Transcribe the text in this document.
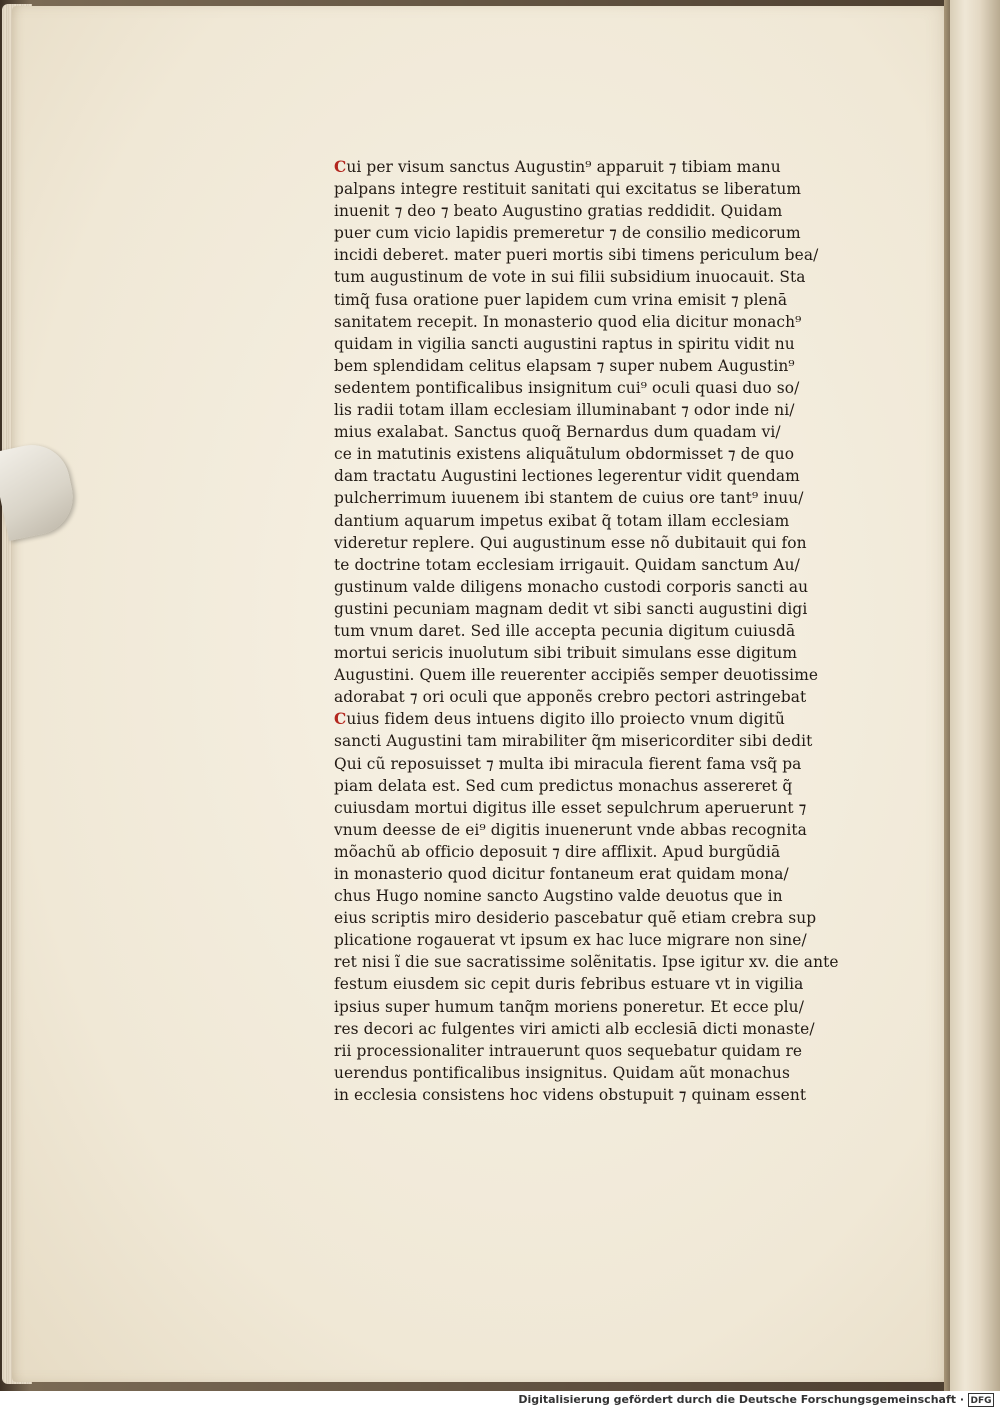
Cui per visum sanctus Augustin⁹ apparuit ⁊ tibiam manu
palpans integre restituit sanitati qui excitatus se liberatum
inuenit ⁊ deo ⁊ beato Augustino gratias reddidit. Quidam
puer cum vicio lapidis premeretur ⁊ de consilio medicorum
incidi deberet. mater pueri mortis sibi timens periculum bea/
tum augustinum de vote in sui filii subsidium inuocauit. Sta
timq̃ fusa oratione puer lapidem cum vrina emisit ⁊ plenā
sanitatem recepit. In monasterio quod elia dicitur monach⁹
quidam in vigilia sancti augustini raptus in spiritu vidit nu
bem splendidam celitus elapsam ⁊ super nubem Augustin⁹
sedentem pontificalibus insignitum cui⁹ oculi quasi duo so/
lis radii totam illam ecclesiam illuminabant ⁊ odor inde ni/
mius exalabat. Sanctus quoq̃ Bernardus dum quadam vi/
ce in matutinis existens aliquãtulum obdormisset ⁊ de quo
dam tractatu Augustini lectiones legerentur vidit quendam
pulcherrimum iuuenem ibi stantem de cuius ore tant⁹ inuu/
dantium aquarum impetus exibat q̃ totam illam ecclesiam
videretur replere. Qui augustinum esse nõ dubitauit qui fon
te doctrine totam ecclesiam irrigauit. Quidam sanctum Au/
gustinum valde diligens monacho custodi corporis sancti au
gustini pecuniam magnam dedit vt sibi sancti augustini digi
tum vnum daret. Sed ille accepta pecunia digitum cuiusdā
mortui sericis inuolutum sibi tribuit simulans esse digitum
Augustini. Quem ille reuerenter accipiẽs semper deuotissime
adorabat ⁊ ori oculi que apponẽs crebro pectori astringebat
Cuius fidem deus intuens digito illo proiecto vnum digitũ
sancti Augustini tam mirabiliter q̃m misericorditer sibi dedit
Qui cũ reposuisset ⁊ multa ibi miracula fierent fama vsq̃ pa
piam delata est. Sed cum predictus monachus assereret q̃
cuiusdam mortui digitus ille esset sepulchrum aperuerunt ⁊
vnum deesse de ei⁹ digitis inuenerunt vnde abbas recognita
mõachũ ab officio deposuit ⁊ dire afflixit. Apud burgũdiā
in monasterio quod dicitur fontaneum erat quidam mona/
chus Hugo nomine sancto Augstino valde deuotus que in
eius scriptis miro desiderio pascebatur quẽ etiam crebra sup
plicatione rogauerat vt ipsum ex hac luce migrare non sine/
ret nisi ĩ die sue sacratissime solẽnitatis. Ipse igitur xv. die ante
festum eiusdem sic cepit duris febribus estuare vt in vigilia
ipsius super humum tanq̃m moriens poneretur. Et ecce plu/
res decori ac fulgentes viri amicti alb ecclesiā dicti monaste/
rii processionaliter intrauerunt quos sequebatur quidam re
uerendus pontificalibus insignitus. Quidam aũt monachus
in ecclesia consistens hoc videns obstupuit ⁊ quinam essent
Digitalisierung gefördert durch die Deutsche Forschungsgemeinschaft · DFG
